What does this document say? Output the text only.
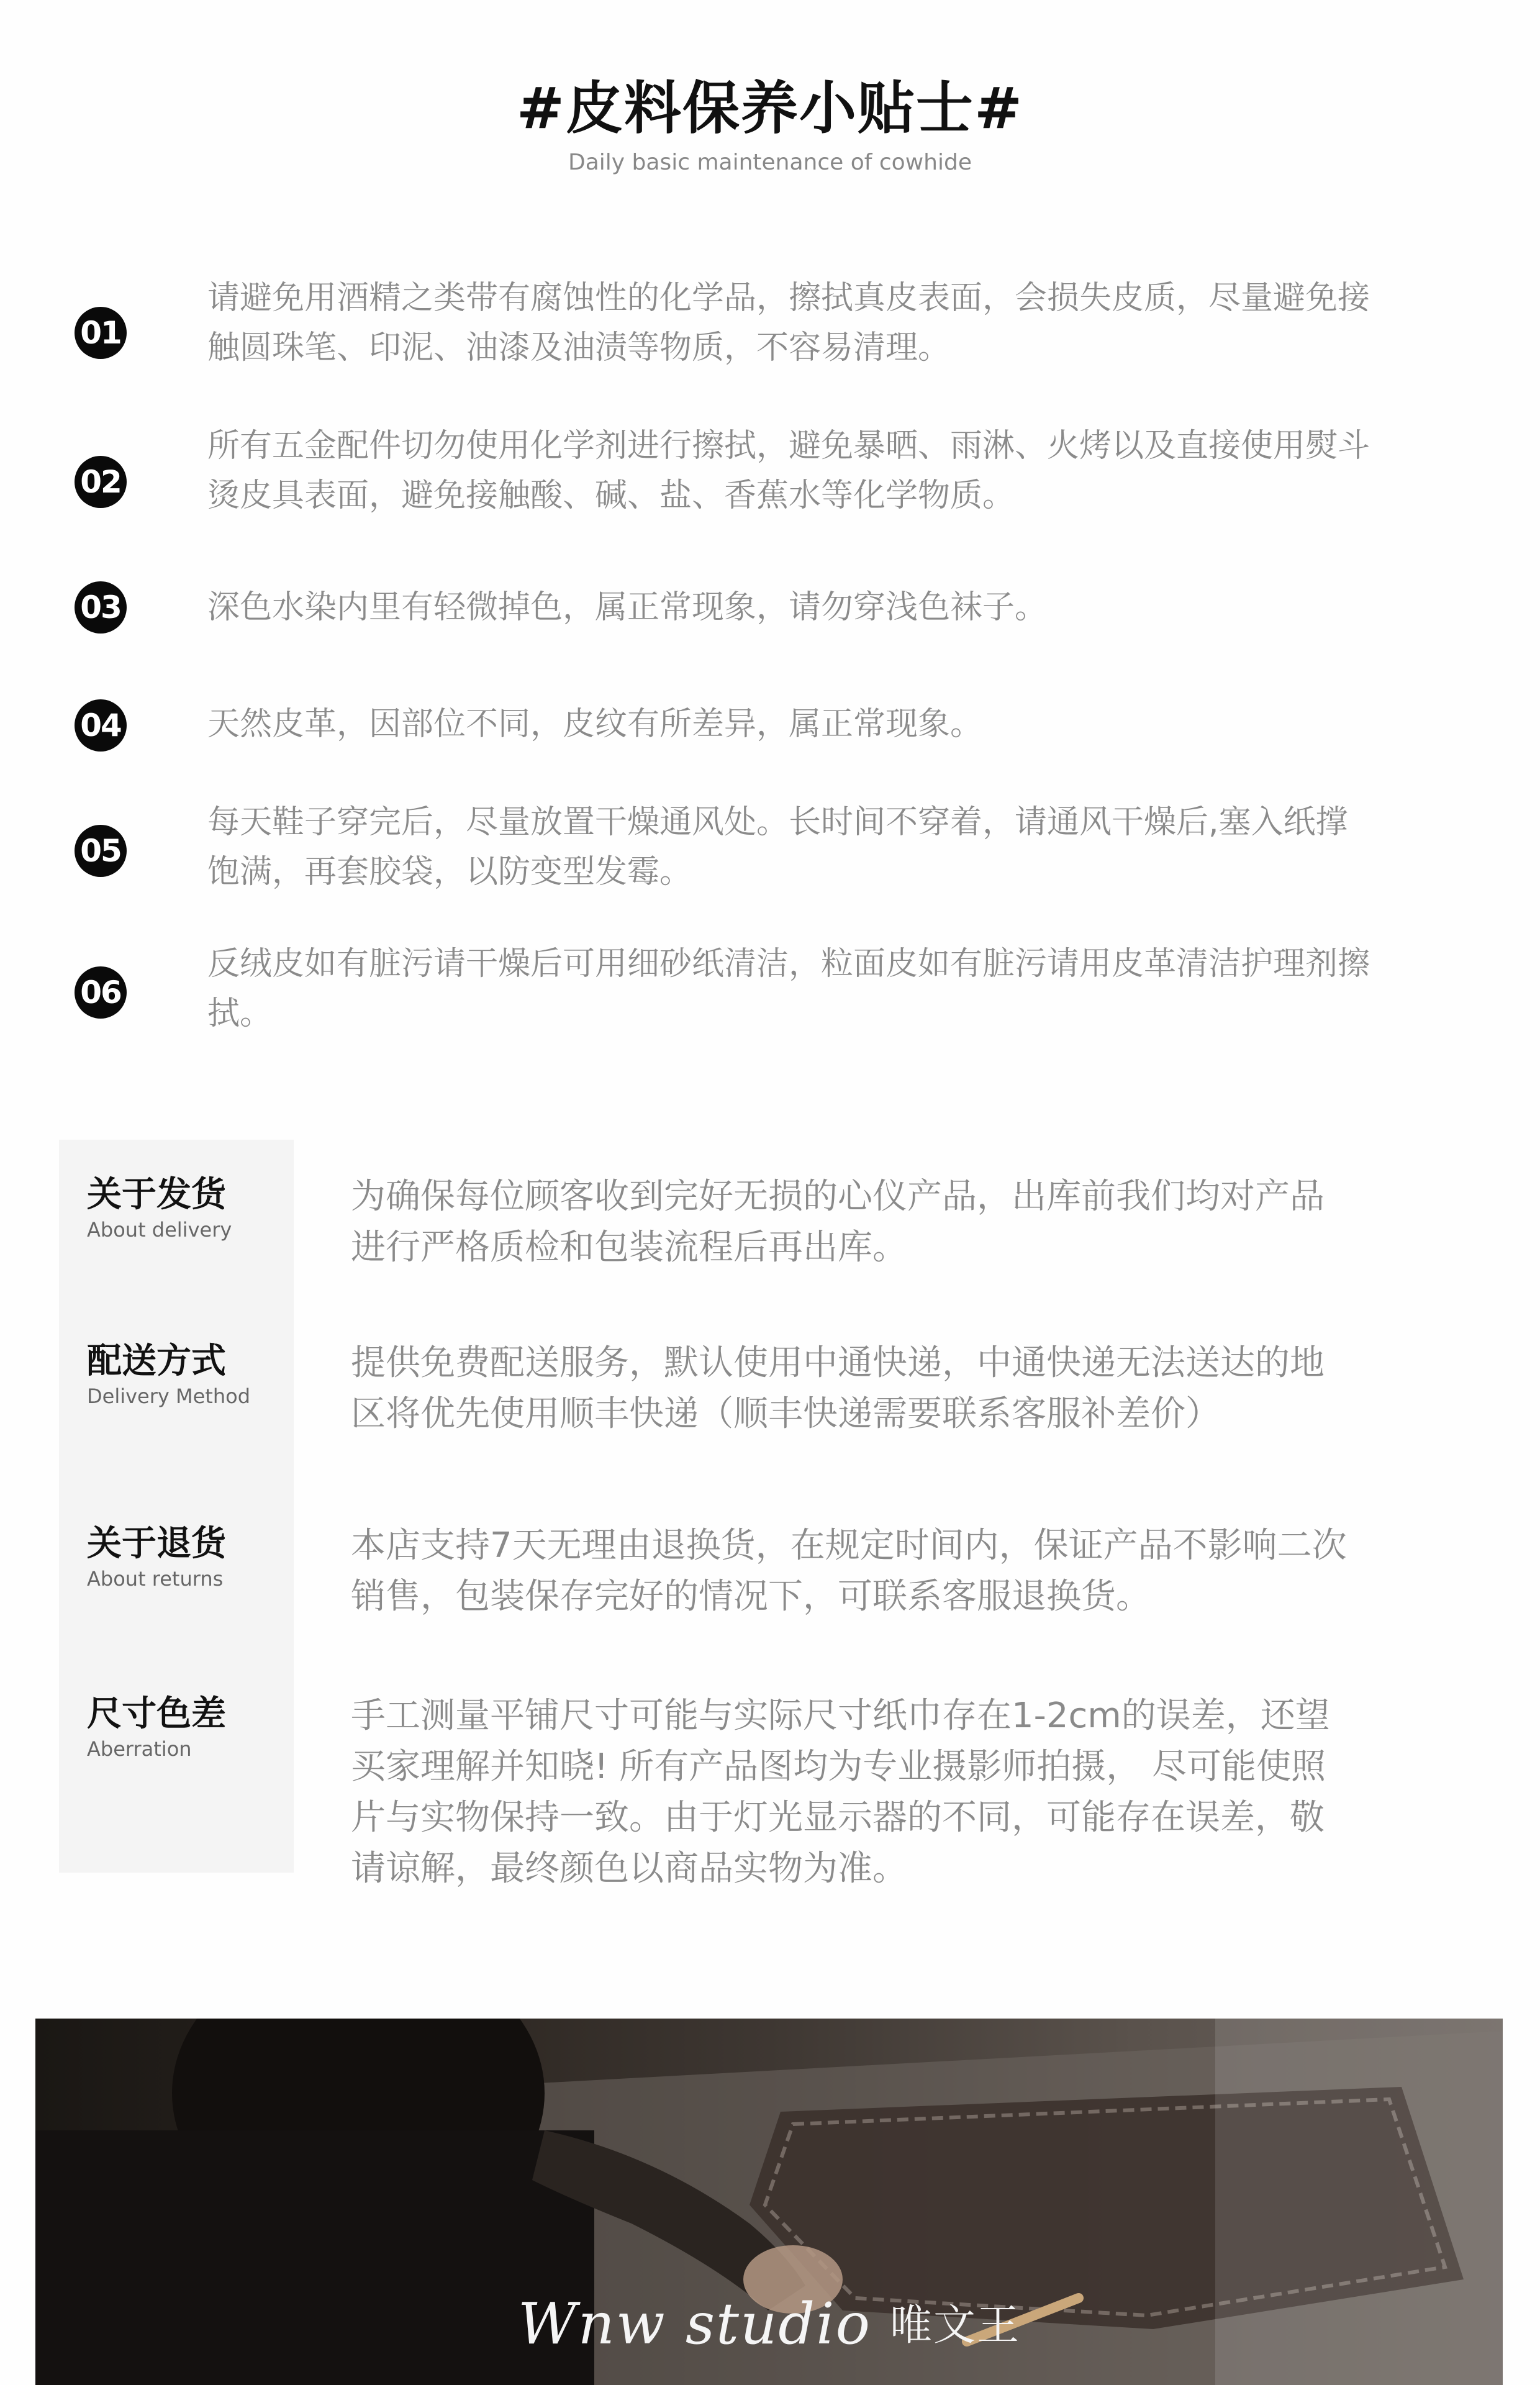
#皮料保养小贴士#
Daily basic maintenance of cowhide
01
请避免用酒精之类带有腐蚀性的化学品，擦拭真皮表面，会损失皮质，尽量避免接
触圆珠笔、印泥、油漆及油渍等物质，不容易清理。
02
所有五金配件切勿使用化学剂进行擦拭，避免暴晒、雨淋、火烤以及直接使用熨斗
烫皮具表面，避免接触酸、碱、盐、香蕉水等化学物质。
03	深色水染内里有轻微掉色，属正常现象，请勿穿浅色袜子。
04	天然皮革，因部位不同，皮纹有所差异，属正常现象。
05
每天鞋子穿完后，尽量放置干燥通风处。长时间不穿着，请通风干燥后,塞入纸撑
饱满，再套胶袋，以防变型发霉。
06
反绒皮如有脏污请干燥后可用细砂纸清洁，粒面皮如有脏污请用皮革清洁护理剂擦
拭。
关于发货
About delivery
为确保每位顾客收到完好无损的心仪产品，出库前我们均对产品
进行严格质检和包装流程后再出库。
配送方式
Delivery Method
提供免费配送服务，默认使用中通快递，中通快递无法送达的地
区将优先使用顺丰快递（顺丰快递需要联系客服补差价）
关于退货
About returns
本店支持7天无理由退换货，在规定时间内，保证产品不影响二次
销售，包装保存完好的情况下，可联系客服退换货。
尺寸色差
Aberration
手工测量平铺尺寸可能与实际尺寸纸巾存在1-2cm的误差，还望
买家理解并知晓! 所有产品图均为专业摄影师拍摄， 尽可能使照
片与实物保持一致。由于灯光显示器的不同，可能存在误差，敬
请谅解，最终颜色以商品实物为准。
Wnw studio 唯文王
